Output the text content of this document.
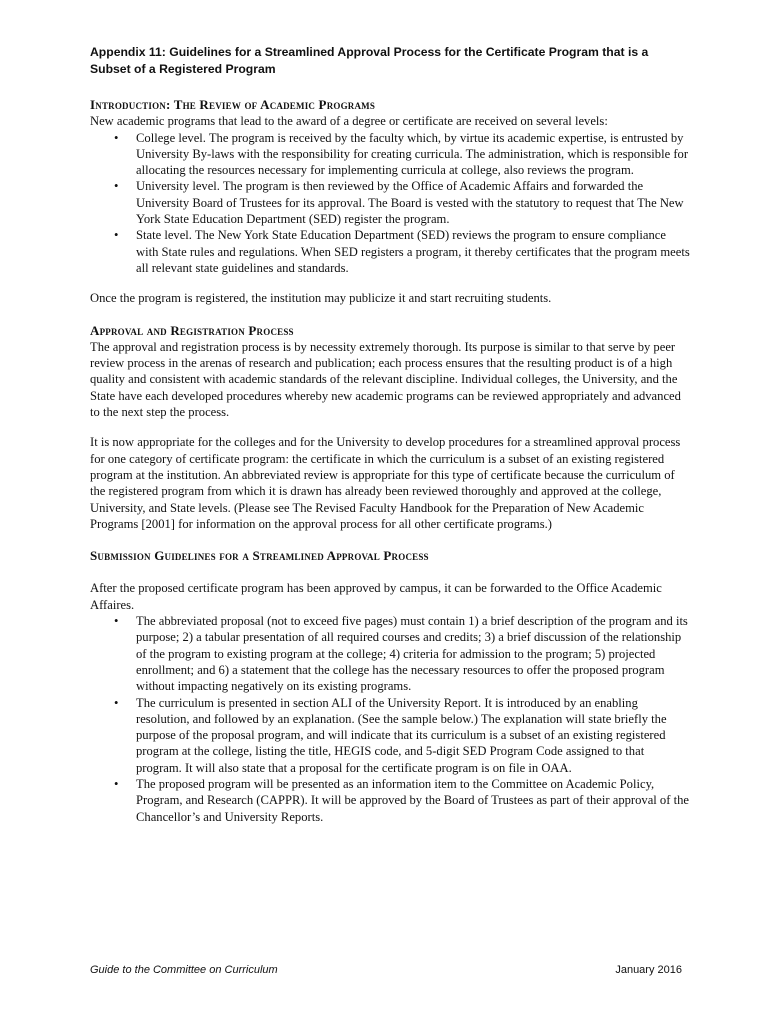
Appendix 11: Guidelines for a Streamlined Approval Process for the Certificate Program that is a Subset of a Registered Program

Introduction: The Review of Academic Programs

New academic programs that lead to the award of a degree or certificate are received on several levels:

• College level. The program is received by the faculty which, by virtue its academic expertise, is entrusted by University By-laws with the responsibility for creating curricula. The administration, which is responsible for allocating the resources necessary for implementing curricula at college, also reviews the program.
• University level. The program is then reviewed by the Office of Academic Affairs and forwarded the University Board of Trustees for its approval. The Board is vested with the statutory to request that The New York State Education Department (SED) register the program.
• State level. The New York State Education Department (SED) reviews the program to ensure compliance with State rules and regulations. When SED registers a program, it thereby certificates that the program meets all relevant state guidelines and standards.

Once the program is registered, the institution may publicize it and start recruiting students.

Approval and Registration Process

The approval and registration process is by necessity extremely thorough. Its purpose is similar to that serve by peer review process in the arenas of research and publication; each process ensures that the resulting product is of a high quality and consistent with academic standards of the relevant discipline. Individual colleges, the University, and the State have each developed procedures whereby new academic programs can be reviewed appropriately and advanced to the next step the process.

It is now appropriate for the colleges and for the University to develop procedures for a streamlined approval process for one category of certificate program: the certificate in which the curriculum is a subset of an existing registered program at the institution. An abbreviated review is appropriate for this type of certificate because the curriculum of the registered program from which it is drawn has already been reviewed thoroughly and approved at the college, University, and State levels. (Please see The Revised Faculty Handbook for the Preparation of New Academic Programs [2001] for information on the approval process for all other certificate programs.)

Submission Guidelines for a Streamlined Approval Process

After the proposed certificate program has been approved by campus, it can be forwarded to the Office Academic Affaires.

• The abbreviated proposal (not to exceed five pages) must contain 1) a brief description of the program and its purpose; 2) a tabular presentation of all required courses and credits; 3) a brief discussion of the relationship of the program to existing program at the college; 4) criteria for admission to the program; 5) projected enrollment; and 6) a statement that the college has the necessary resources to offer the proposed program without impacting negatively on its existing programs.
• The curriculum is presented in section ALI of the University Report. It is introduced by an enabling resolution, and followed by an explanation. (See the sample below.) The explanation will state briefly the purpose of the proposal program, and will indicate that its curriculum is a subset of an existing registered program at the college, listing the title, HEGIS code, and 5-digit SED Program Code assigned to that program. It will also state that a proposal for the certificate program is on file in OAA.
• The proposed program will be presented as an information item to the Committee on Academic Policy, Program, and Research (CAPPR). It will be approved by the Board of Trustees as part of their approval of the Chancellor’s and University Reports.
Guide to the Committee on Curriculum	January 2016
